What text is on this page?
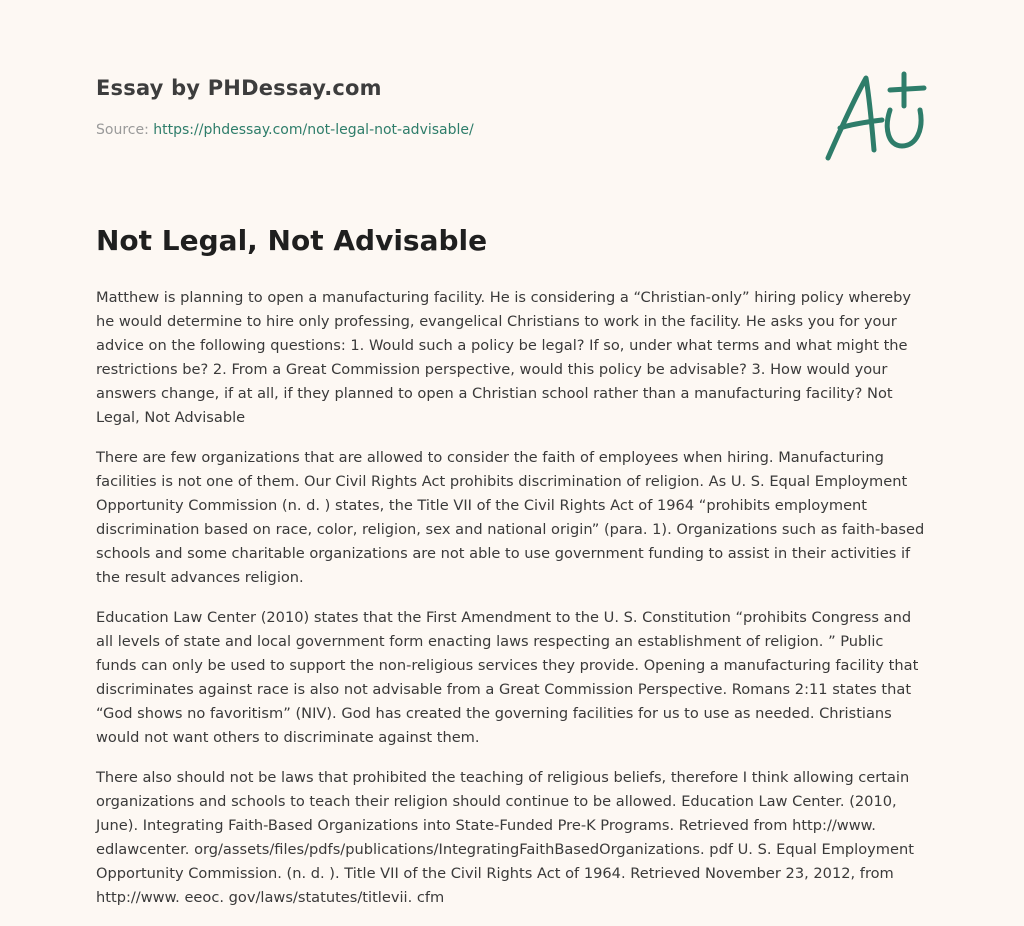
Essay by PHDessay.com
Source: https://phdessay.com/not-legal-not-advisable/
Not Legal, Not Advisable

Matthew is planning to open a manufacturing facility. He is considering a “Christian-only” hiring policy whereby he would determine to hire only professing, evangelical Christians to work in the facility. He asks you for your advice on the following questions: 1. Would such a policy be legal? If so, under what terms and what might the restrictions be? 2. From a Great Commission perspective, would this policy be advisable? 3. How would your answers change, if at all, if they planned to open a Christian school rather than a manufacturing facility? Not Legal, Not Advisable

There are few organizations that are allowed to consider the faith of employees when hiring. Manufacturing facilities is not one of them. Our Civil Rights Act prohibits discrimination of religion. As U. S. Equal Employment Opportunity Commission (n. d. ) states, the Title VII of the Civil Rights Act of 1964 “prohibits employment discrimination based on race, color, religion, sex and national origin” (para. 1). Organizations such as faith-based schools and some charitable organizations are not able to use government funding to assist in their activities if the result advances religion.

Education Law Center (2010) states that the First Amendment to the U. S. Constitution “prohibits Congress and all levels of state and local government form enacting laws respecting an establishment of religion. ” Public funds can only be used to support the non-religious services they provide. Opening a manufacturing facility that discriminates against race is also not advisable from a Great Commission Perspective. Romans 2:11 states that “God shows no favoritism” (NIV). God has created the governing facilities for us to use as needed. Christians would not want others to discriminate against them.

There also should not be laws that prohibited the teaching of religious beliefs, therefore I think allowing certain organizations and schools to teach their religion should continue to be allowed. Education Law Center. (2010, June). Integrating Faith-Based Organizations into State-Funded Pre-K Programs. Retrieved from http://www. edlawcenter. org/assets/files/pdfs/publications/IntegratingFaithBasedOrganizations. pdf U. S. Equal Employment Opportunity Commission. (n. d. ). Title VII of the Civil Rights Act of 1964. Retrieved November 23, 2012, from http://www. eeoc. gov/laws/statutes/titlevii. cfm
